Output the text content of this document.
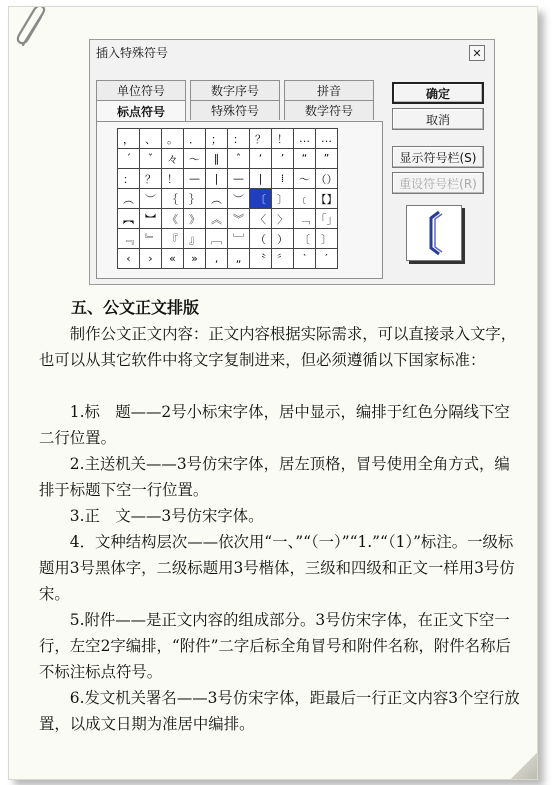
插入特殊符号	✕
单位符号	数字序号	拼音
标点符号	特殊符号	数学符号
，	、	。	．	；	：	？	！	…	…
´	ˇ	々	～	‖	ˆ	‘	’	“	”
：	？	！	—	|	—	|	⁞	～ （）
︵	︶	｛	｝	︵	︶	〔	〕	﹝ 【】
︻	︼	《	》	︽	︾	〈	〉	﹁ 「」
﹃	﹄	『	』	﹇	﹈	（	）	〔	〕
‹	›	«	»	‚	„	〝	〞	‵	′
确定
取消
显示符号栏(S)
重设符号栏(R)
五、公文正文排版

制作公文正文内容：正文内容根据实际需求，可以直接录入文字，也可以从其它软件中将文字复制进来，但必须遵循以下国家标准：

1.标　题——2号小标宋字体，居中显示，编排于红色分隔线下空二行位置。

2.主送机关——3号仿宋字体，居左顶格，冒号使用全角方式，编排于标题下空一行位置。

3.正　文——3号仿宋字体。

4．文种结构层次——依次用“一、”“（一）”“1.”“（1）”标注。一级标题用3号黑体字，二级标题用3号楷体，三级和四级和正文一样用3号仿宋。

5.附件——是正文内容的组成部分。3号仿宋字体，在正文下空一行，左空2字编排，“附件”二字后标全角冒号和附件名称，附件名称后不标注标点符号。

6.发文机关署名——3号仿宋字体，距最后一行正文内容3个空行放置，以成文日期为准居中编排。
